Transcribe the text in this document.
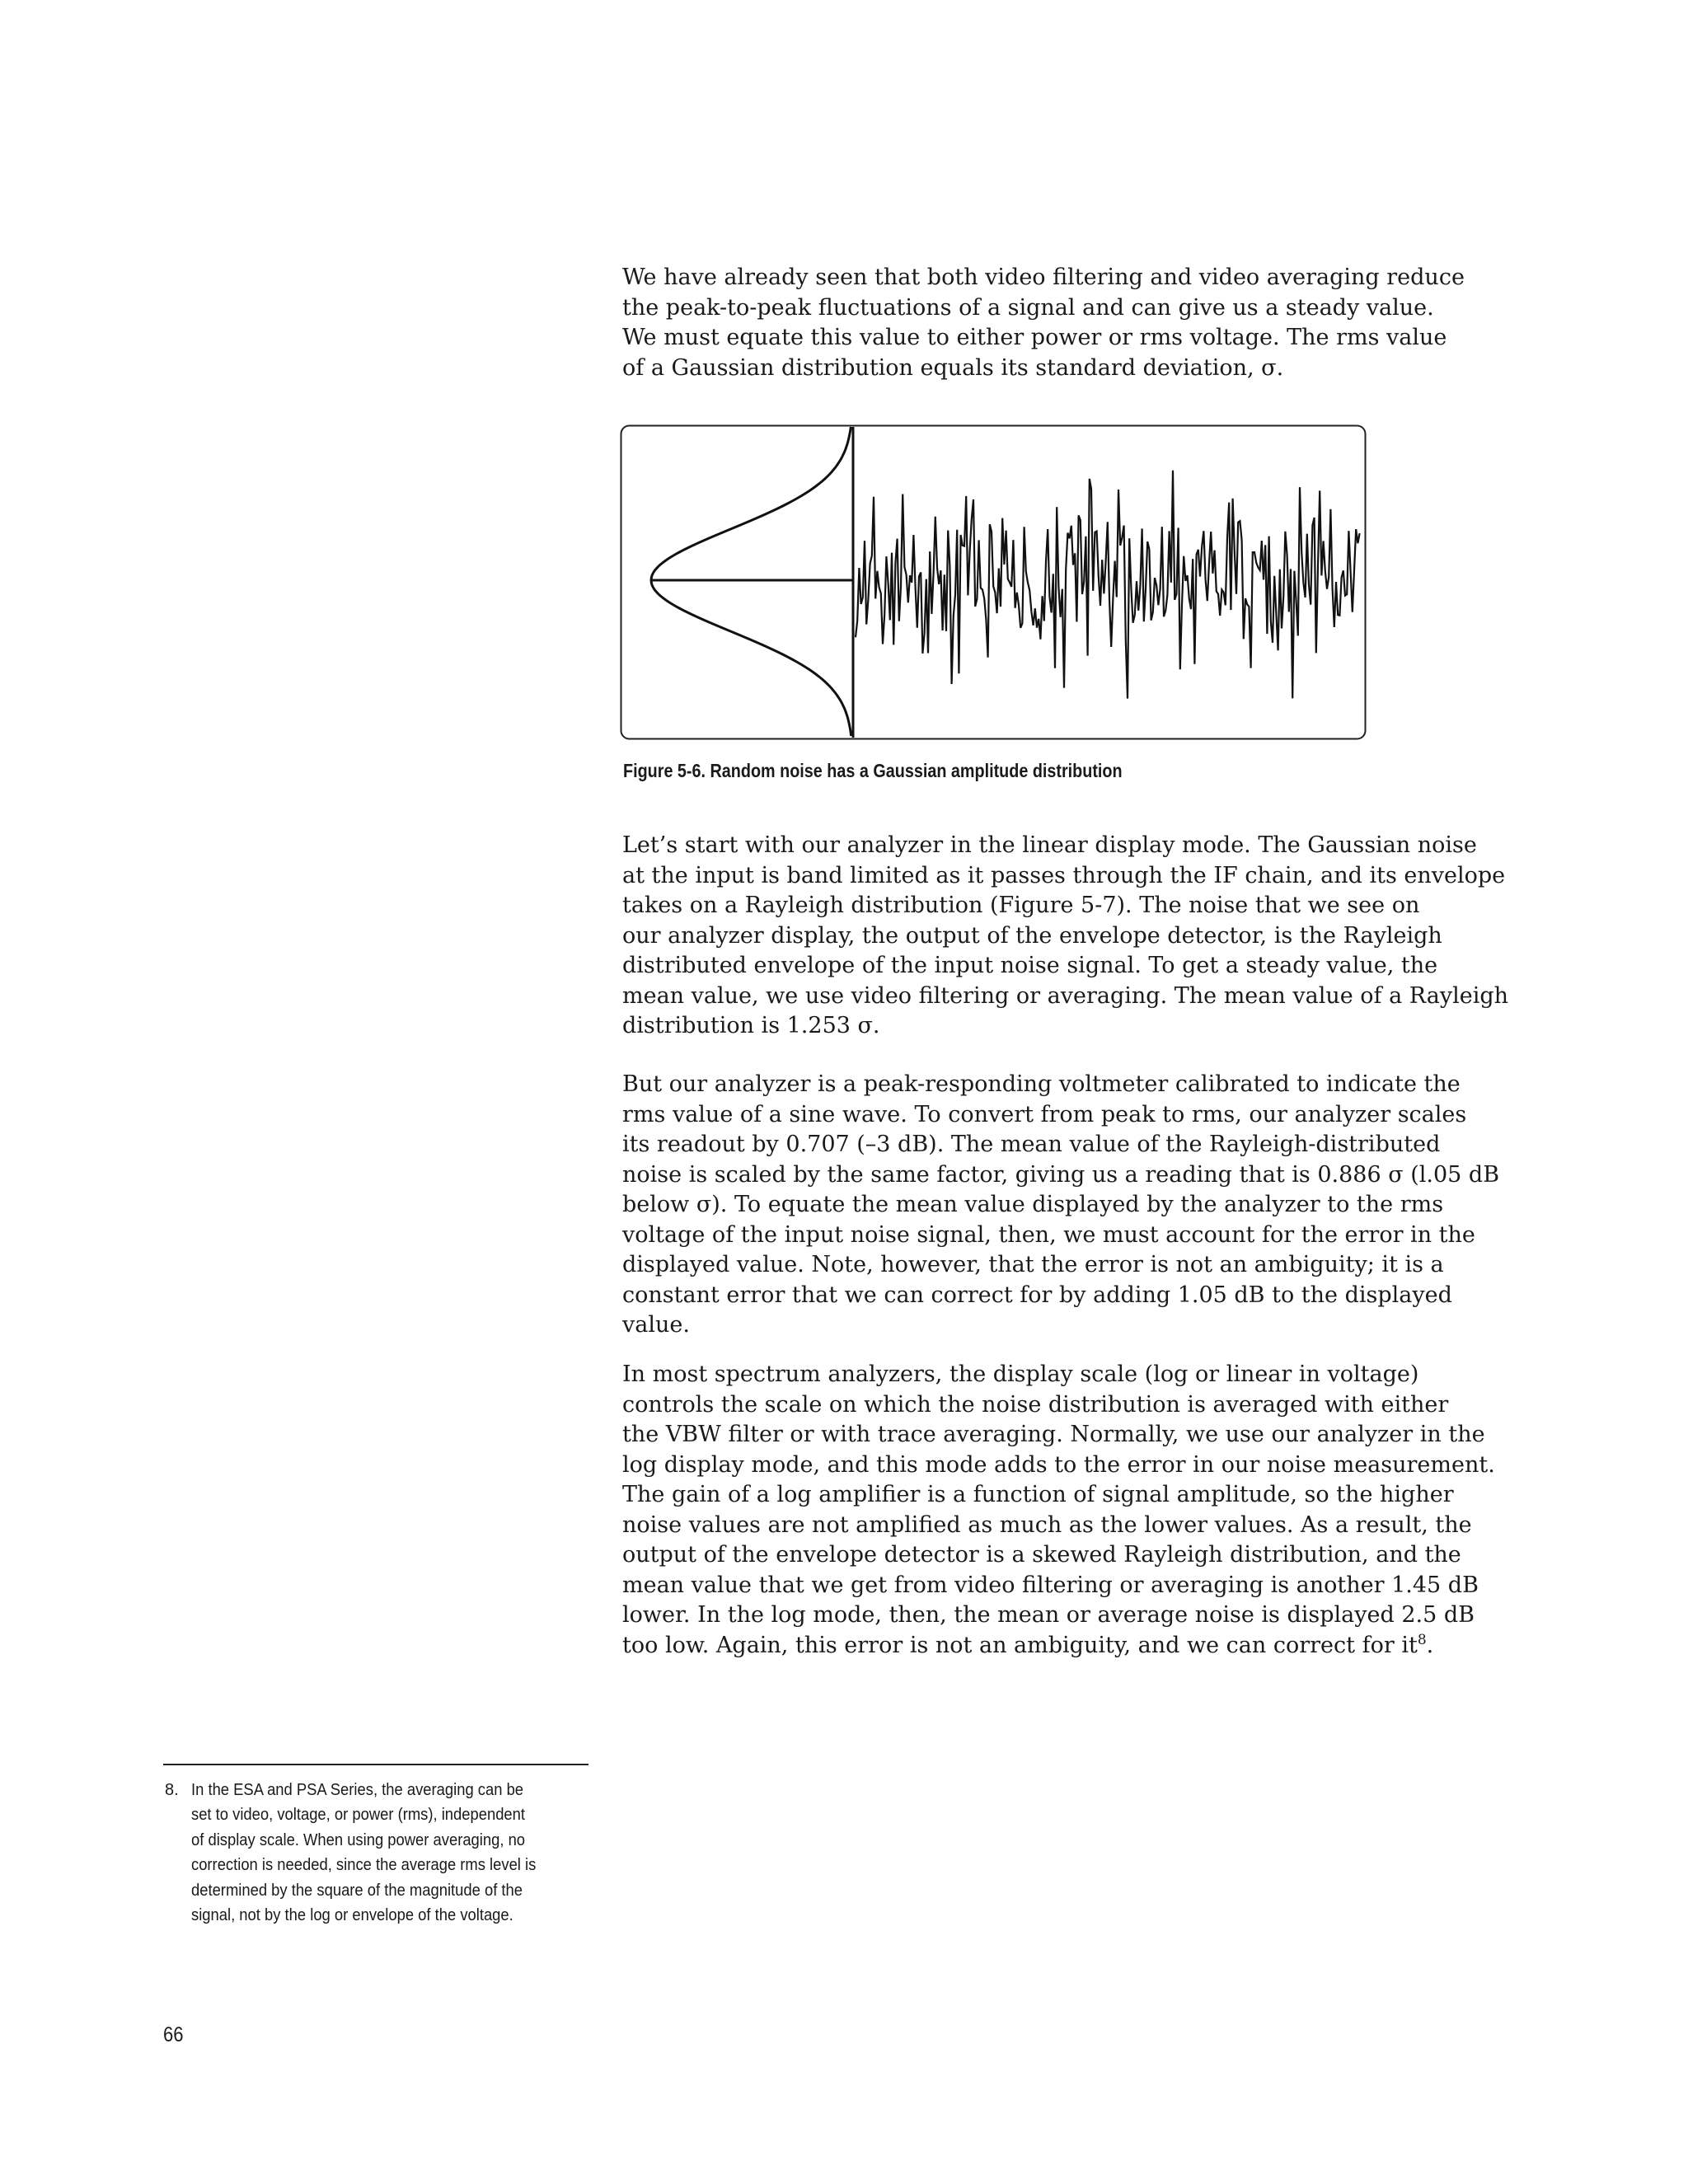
We have already seen that both video filtering and video averaging reduce
the peak-to-peak fluctuations of a signal and can give us a steady value.
We must equate this value to either power or rms voltage. The rms value
of a Gaussian distribution equals its standard deviation, σ.

Figure 5-6. Random noise has a Gaussian amplitude distribution

Let’s start with our analyzer in the linear display mode. The Gaussian noise
at the input is band limited as it passes through the IF chain, and its envelope
takes on a Rayleigh distribution (Figure 5-7). The noise that we see on
our analyzer display, the output of the envelope detector, is the Rayleigh
distributed envelope of the input noise signal. To get a steady value, the
mean value, we use video filtering or averaging. The mean value of a Rayleigh
distribution is 1.253 σ.

But our analyzer is a peak-responding voltmeter calibrated to indicate the
rms value of a sine wave. To convert from peak to rms, our analyzer scales
its readout by 0.707 (–3 dB). The mean value of the Rayleigh-distributed
noise is scaled by the same factor, giving us a reading that is 0.886 σ (l.05 dB
below σ). To equate the mean value displayed by the analyzer to the rms
voltage of the input noise signal, then, we must account for the error in the
displayed value. Note, however, that the error is not an ambiguity; it is a
constant error that we can correct for by adding 1.05 dB to the displayed
value.

In most spectrum analyzers, the display scale (log or linear in voltage)
controls the scale on which the noise distribution is averaged with either
the VBW filter or with trace averaging. Normally, we use our analyzer in the
log display mode, and this mode adds to the error in our noise measurement.
The gain of a log amplifier is a function of signal amplitude, so the higher
noise values are not amplified as much as the lower values. As a result, the
output of the envelope detector is a skewed Rayleigh distribution, and the
mean value that we get from video filtering or averaging is another 1.45 dB
lower. In the log mode, then, the mean or average noise is displayed 2.5 dB
too low. Again, this error is not an ambiguity, and we can correct for it$^8$.

8. In the ESA and PSA Series, the averaging can be
set to video, voltage, or power (rms), independent
of display scale. When using power averaging, no
correction is needed, since the average rms level is
determined by the square of the magnitude of the
signal, not by the log or envelope of the voltage.

66
